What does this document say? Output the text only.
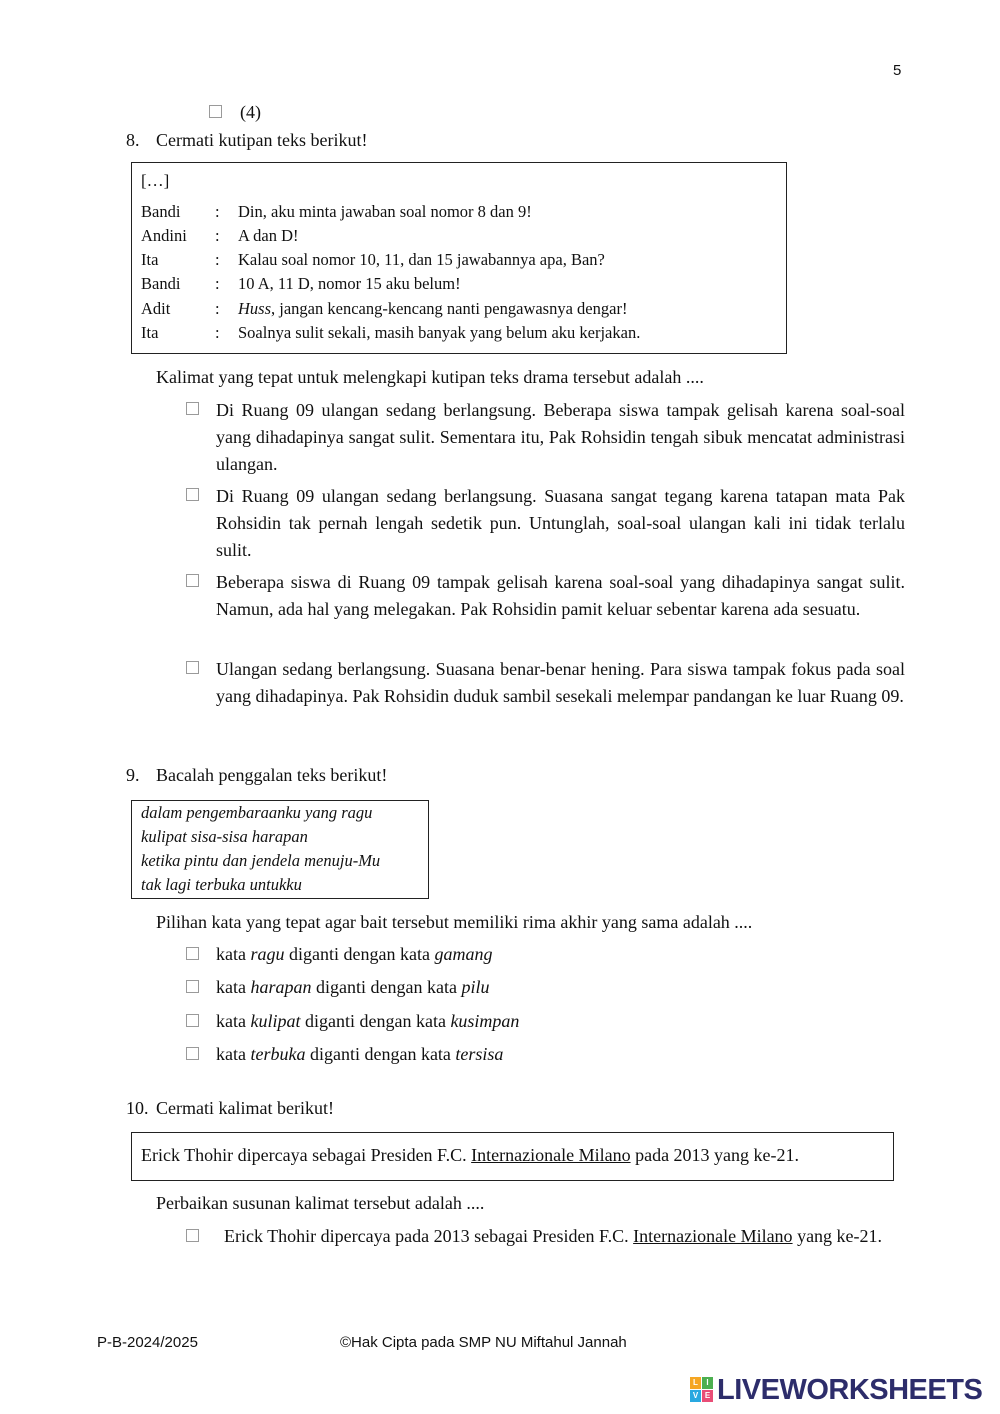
5
(4)
8. Cermati kutipan teks berikut!
[…]
Bandi : Din, aku minta jawaban soal nomor 8 dan 9!
Andini : A dan D!
Ita	: Kalau soal nomor 10, 11, dan 15 jawabannya apa, Ban?
Bandi : 10 A, 11 D, nomor 15 aku belum!
Adit	: Huss, jangan kencang-kencang nanti pengawasnya dengar!
Ita	: Soalnya sulit sekali, masih banyak yang belum aku kerjakan.
Kalimat yang tepat untuk melengkapi kutipan teks drama tersebut adalah ....
Di Ruang 09 ulangan sedang berlangsung. Beberapa siswa tampak gelisah karena soal-soal yang dihadapinya sangat sulit. Sementara itu, Pak Rohsidin tengah sibuk mencatat administrasi ulangan.
Di Ruang 09 ulangan sedang berlangsung. Suasana sangat tegang karena tatapan mata Pak Rohsidin tak pernah lengah sedetik pun. Untunglah, soal-soal ulangan kali ini tidak terlalu sulit.
Beberapa siswa di Ruang 09 tampak gelisah karena soal-soal yang dihadapinya sangat sulit. Namun, ada hal yang melegakan. Pak Rohsidin pamit keluar sebentar karena ada sesuatu.
Ulangan sedang berlangsung. Suasana benar-benar hening. Para siswa tampak fokus pada soal yang dihadapinya. Pak Rohsidin duduk sambil sesekali melempar pandangan ke luar Ruang 09.
9. Bacalah penggalan teks berikut!
dalam pengembaraanku yang ragu
kulipat sisa-sisa harapan
ketika pintu dan jendela menuju-Mu
tak lagi terbuka untukku
Pilihan kata yang tepat agar bait tersebut memiliki rima akhir yang sama adalah ....
kata ragu diganti dengan kata gamang
kata harapan diganti dengan kata pilu
kata kulipat diganti dengan kata kusimpan
kata terbuka diganti dengan kata tersisa
10. Cermati kalimat berikut!
Erick Thohir dipercaya sebagai Presiden F.C. Internazionale Milano pada 2013 yang ke-21.
Perbaikan susunan kalimat tersebut adalah ....
Erick Thohir dipercaya pada 2013 sebagai Presiden F.C. Internazionale Milano yang ke-21.
P-B-2024/2025	©Hak Cipta pada SMP NU Miftahul Jannah
L	I
V E LIVEWORKSHEETS
